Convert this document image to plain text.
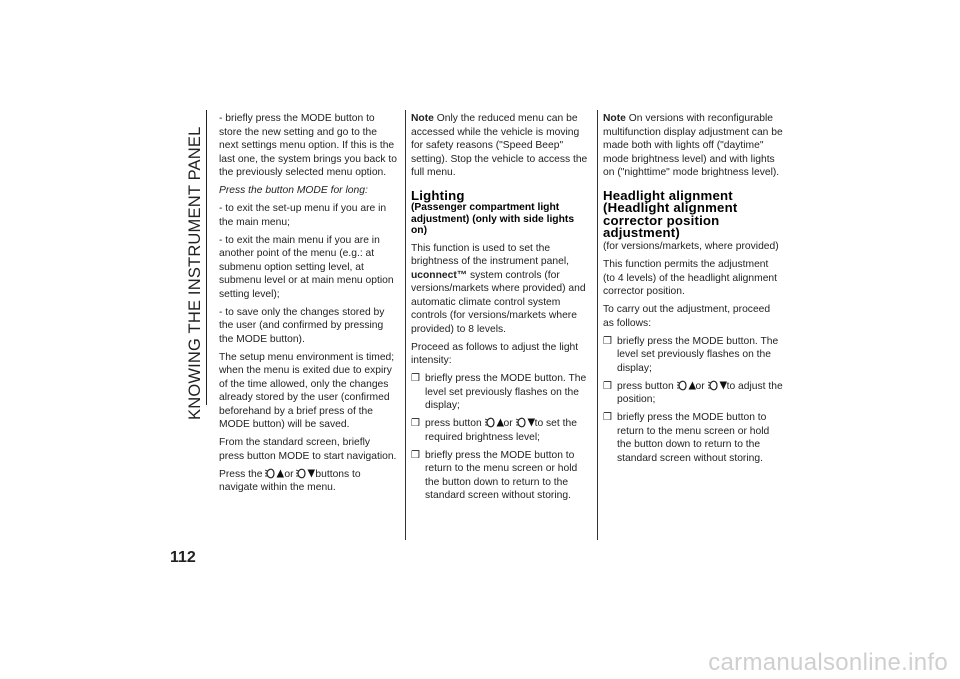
KNOWING THE INSTRUMENT PANEL

- briefly press the MODE button to store the new setting and go to the next settings menu option. If this is the last one, the system brings you back to the previously selected menu option.

Press the button MODE for long:

- to exit the set-up menu if you are in the main menu;

- to exit the main menu if you are in another point of the menu (e.g.: at submenu option setting level, at submenu level or at main menu option setting level);

- to save only the changes stored by the user (and confirmed by pressing the MODE button).

The setup menu environment is timed; when the menu is exited due to expiry of the time allowed, only the changes already stored by the user (confirmed beforehand by a brief press of the MODE button) will be saved.

From the standard screen, briefly press button MODE to start navigation.

Press the or buttons to navigate within the menu.

Note Only the reduced menu can be accessed while the vehicle is moving for safety reasons ("Speed Beep" setting). Stop the vehicle to access the full menu.

Lighting
(Passenger compartment light adjustment) (only with side lights on)

This function is used to set the brightness of the instrument panel,
uconnect™ system controls (for versions/markets where provided) and automatic climate control system controls (for versions/markets where provided) to 8 levels.

Proceed as follows to adjust the light intensity:

❒ briefly press the MODE button. The level set previously flashes on the display;
❒ press button or to set the required brightness level;
❒ briefly press the MODE button to return to the menu screen or hold the button down to return to the standard screen without storing.

Note On versions with reconfigurable multifunction display adjustment can be made both with lights off ("daytime" mode brightness level) and with lights on ("nighttime" mode brightness level).

Headlight alignment (Headlight alignment corrector position adjustment)
(for versions/markets, where provided)

This function permits the adjustment (to 4 levels) of the headlight alignment corrector position.

To carry out the adjustment, proceed as follows:

❒ briefly press the MODE button. The level set previously flashes on the display;
❒ press button or to adjust the position;
❒ briefly press the MODE button to return to the menu screen or hold the button down to return to the standard screen without storing.
112
carmanualsonline.info
